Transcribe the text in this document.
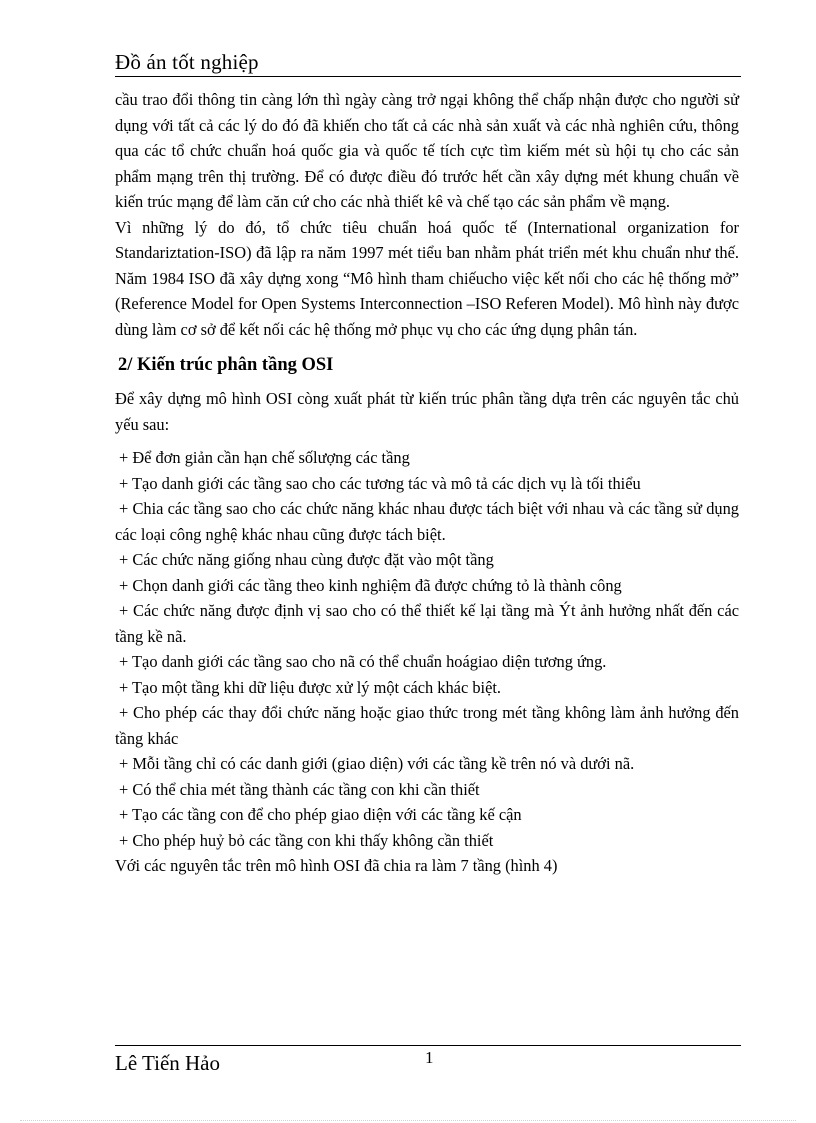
Đồ án tốt nghiệp

cầu trao đổi thông tin càng lớn thì ngày càng trở ngại không thể chấp nhận được cho người sử dụng với tất cả các lý do đó đã khiến cho tất cả các nhà sản xuất và các nhà nghiên cứu, thông qua các tổ chức chuẩn hoá quốc gia và quốc tế tích cực tìm kiếm mét sù hội tụ cho các sản phẩm mạng trên thị trường. Để có được điều đó trước hết cần xây dựng mét khung chuẩn về kiến trúc mạng để làm căn cứ cho các nhà thiết kê và chế tạo các sản phẩm về mạng.

Vì những lý do đó, tổ chức tiêu chuẩn hoá quốc tế (International organization for Standariztation-ISO) đã lập ra năm 1997 mét tiểu ban nhằm phát triển mét khu chuẩn như thế. Năm 1984 ISO đã xây dựng xong “Mô hình tham chiếucho việc kết nối cho các hệ thống mở” (Reference Model for Open Systems Interconnection –ISO Referen Model). Mô hình này được dùng làm cơ sở để kết nối các hệ thống mở phục vụ cho các ứng dụng phân tán.

2/ Kiến trúc phân tầng OSI

Để xây dựng mô hình OSI còng xuất phát từ kiến trúc phân tầng dựa trên các nguyên tắc chủ yếu sau:

+ Để đơn giản cần hạn chế sốlượng các tầng

+ Tạo danh giới các tầng sao cho các tương tác và mô tả các dịch vụ là tối thiểu

+ Chia các tầng sao cho các chức năng khác nhau được tách biệt với nhau và các tầng sử dụng các loại công nghệ khác nhau cũng được tách biệt.

+ Các chức năng giống nhau cùng được đặt vào một tầng

+ Chọn danh giới các tầng theo kinh nghiệm đã được chứng tỏ là thành công

+ Các chức năng được định vị sao cho có thể thiết kế lại tầng mà Ýt ảnh hưởng nhất đến các tầng kề nã.

+ Tạo danh giới các tầng sao cho nã có thể chuẩn hoágiao diện tương ứng.

+ Tạo một tầng khi dữ liệu được xử lý một cách khác biệt.

+ Cho phép các thay đổi chức năng hoặc giao thức trong mét tầng không làm ảnh hưởng đến tầng khác

+ Mỗi tầng chỉ có các danh giới (giao diện) với các tầng kề trên nó và dưới nã.

+ Có thể chia mét tầng thành các tầng con khi cần thiết

+ Tạo các tầng con để cho phép giao diện với các tầng kế cận

+ Cho phép huỷ bỏ các tầng con khi thấy không cần thiết

Với các nguyên tắc trên mô hình OSI đã chia ra làm 7 tầng (hình 4)

Lê Tiến Hảo	1
